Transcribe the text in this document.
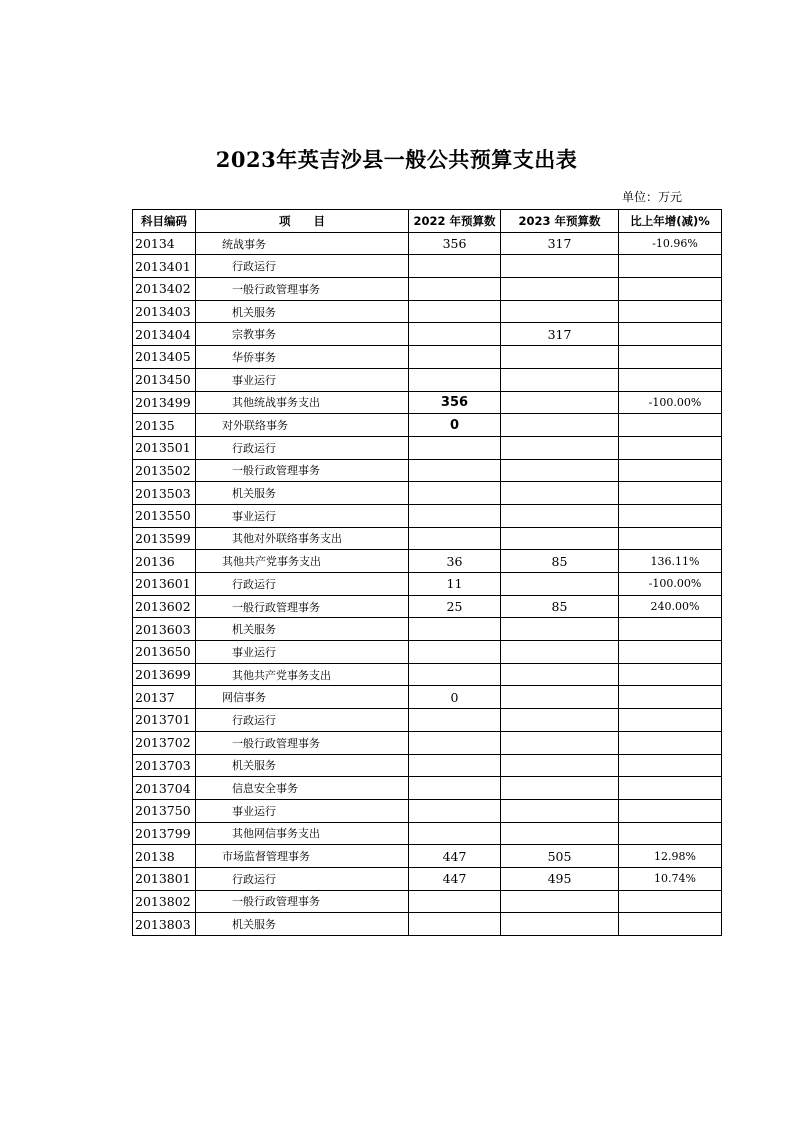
2023年英吉沙县一般公共预算支出表
单位：万元
科目编码	项　　目	2022 年预算数	2023 年预算数	比上年增(减)%
20134	统战事务	356	317	-10.96%
2013401	行政运行			
2013402	一般行政管理事务			
2013403	机关服务			
2013404	宗教事务		317	
2013405	华侨事务			
2013450	事业运行			
2013499	其他统战事务支出	356		-100.00%
20135	对外联络事务	0		
2013501	行政运行			
2013502	一般行政管理事务			
2013503	机关服务			
2013550	事业运行			
2013599	其他对外联络事务支出			
20136	其他共产党事务支出	36	85	136.11%
2013601	行政运行	11		-100.00%
2013602	一般行政管理事务	25	85	240.00%
2013603	机关服务			
2013650	事业运行			
2013699	其他共产党事务支出			
20137	网信事务	0		
2013701	行政运行			
2013702	一般行政管理事务			
2013703	机关服务			
2013704	信息安全事务			
2013750	事业运行			
2013799	其他网信事务支出			
20138	市场监督管理事务	447	505	12.98%
2013801	行政运行	447	495	10.74%
2013802	一般行政管理事务			
2013803	机关服务			
